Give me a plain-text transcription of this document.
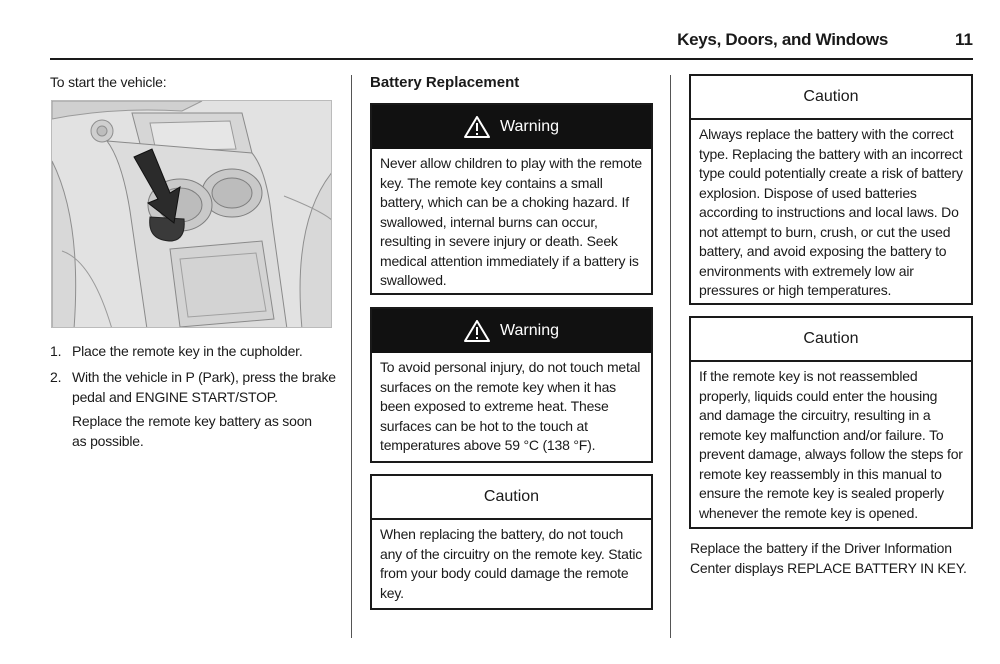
Keys, Doors, and Windows	11
To start the vehicle:
1. Place the remote key in the cupholder.
2. With the vehicle in P (Park), press the brake pedal and ENGINE START/STOP.
Replace the remote key battery as soon as possible.
Battery Replacement
Warning
Never allow children to play with the remote key. The remote key contains a small battery, which can be a choking hazard. If swallowed, internal burns can occur, resulting in severe injury or death. Seek medical attention immediately if a battery is swallowed.
Warning
To avoid personal injury, do not touch metal surfaces on the remote key when it has been exposed to extreme heat. These surfaces can be hot to the touch at temperatures above 59 °C (138 °F).
Caution
When replacing the battery, do not touch any of the circuitry on the remote key. Static from your body could damage the remote key.
Caution
Always replace the battery with the correct type. Replacing the battery with an incorrect type could potentially create a risk of battery explosion. Dispose of used batteries according to instructions and local laws. Do not attempt to burn, crush, or cut the used battery, and avoid exposing the battery to environments with extremely low air pressures or high temperatures.
Caution
If the remote key is not reassembled properly, liquids could enter the housing and damage the circuitry, resulting in a remote key malfunction and/or failure. To prevent damage, always follow the steps for remote key reassembly in this manual to ensure the remote key is sealed properly whenever the remote key is opened.
Replace the battery if the Driver Information Center displays REPLACE BATTERY IN KEY.
